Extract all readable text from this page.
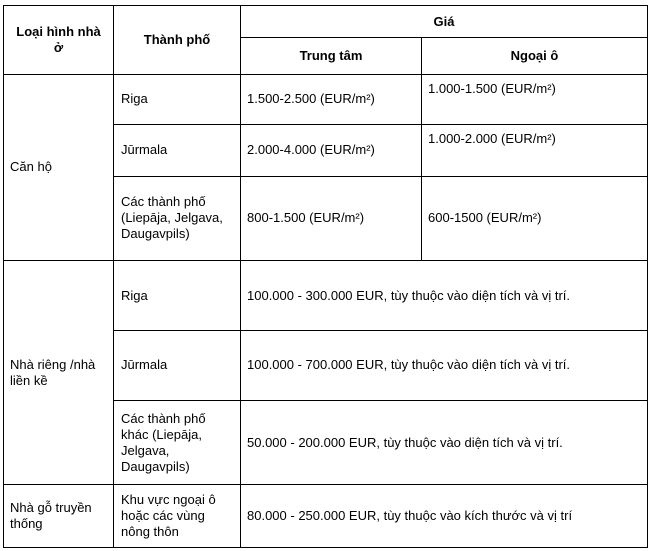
Loại hình nhà ở	Thành phố	Giá	
		Trung tâm	Ngoại ô
Căn hộ	Riga	1.500-2.500 (EUR/m²)	1.000-1.500 (EUR/m²)
	Jūrmala	2.000-4.000 (EUR/m²)	1.000-2.000 (EUR/m²)
	Các thành phố (Liepāja, Jelgava, Daugavpils)	800-1.500 (EUR/m²)	600-1500 (EUR/m²)
Nhà riêng /nhà liền kề	Riga	100.000 - 300.000 EUR, tùy thuộc vào diện tích và vị trí.	
	Jūrmala	100.000 - 700.000 EUR, tùy thuộc vào diện tích và vị trí.	
	Các thành phố khác (Liepāja, Jelgava, Daugavpils)	50.000 - 200.000 EUR, tùy thuộc vào diện tích và vị trí.	
Nhà gỗ truyền thống	Khu vực ngoại ô hoặc các vùng nông thôn	80.000 - 250.000 EUR, tùy thuộc vào kích thước và vị trí	
